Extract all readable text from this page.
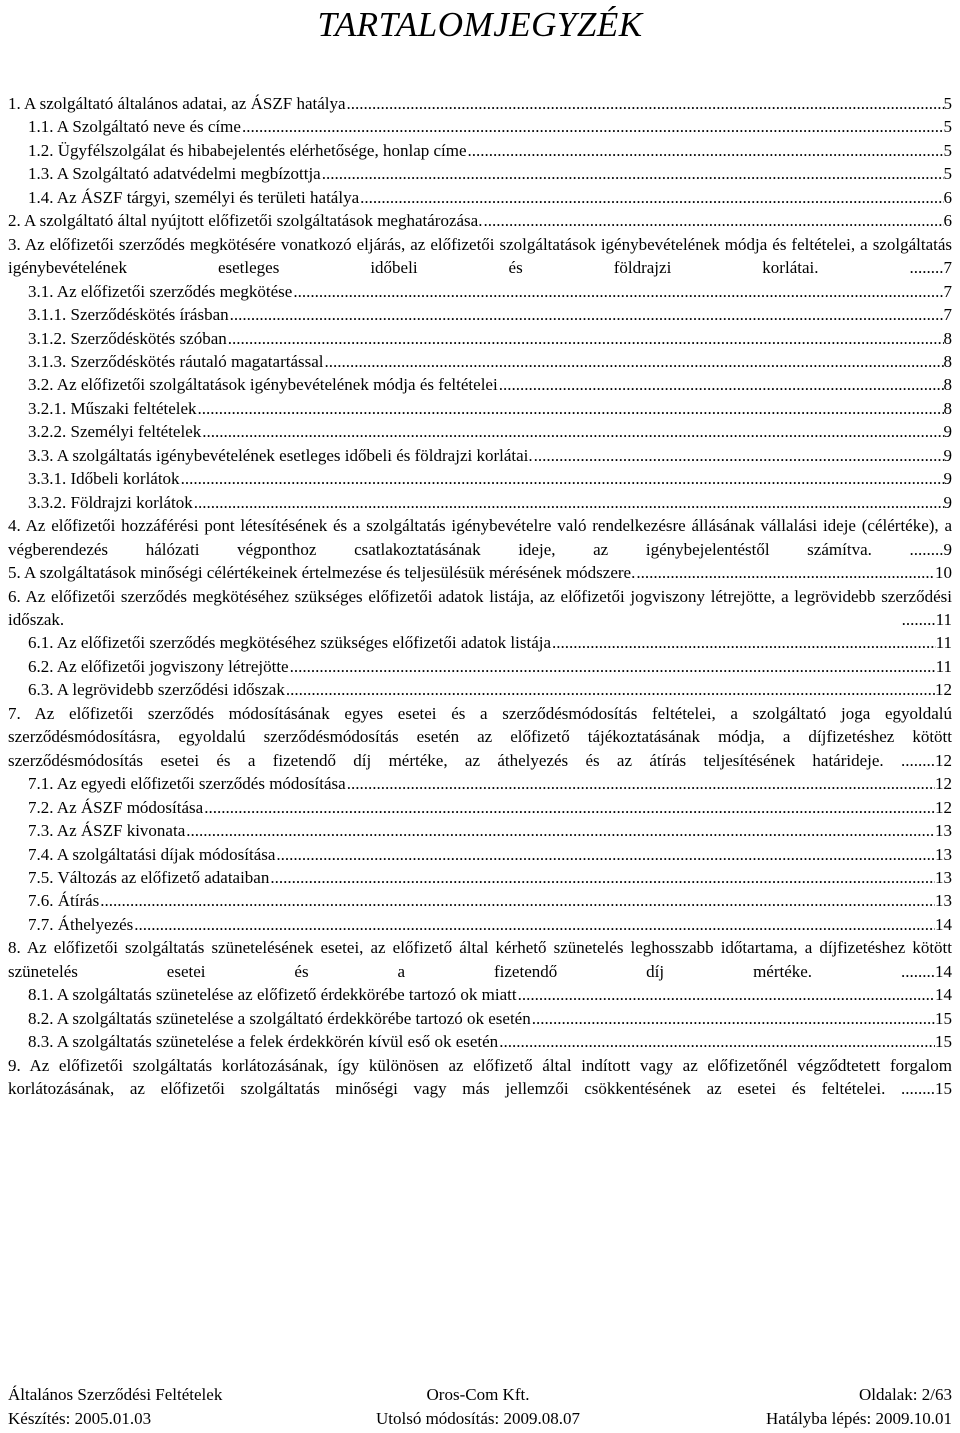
TARTALOMJEGYZÉK
1. A szolgáltató általános adatai, az ÁSZF hatálya .....	5
1.1. A Szolgáltató neve és címe .....	5
1.2. Ügyfélszolgálat és hibabejelentés elérhetősége, honlap címe .....	5
1.3. A Szolgáltató adatvédelmi megbízottja .....	5
1.4. Az ÁSZF tárgyi, személyi és területi hatálya .....	6
2. A szolgáltató által nyújtott előfizetői szolgáltatások meghatározása. .....	6
3. Az előfizetői szerződés megkötésére vonatkozó eljárás, az előfizetői szolgáltatások igénybevételének módja és feltételei, a szolgáltatás igénybevételének esetleges időbeli és földrajzi korlátai. ........7
3.1. Az előfizetői szerződés megkötése .....	7
3.1.1. Szerződéskötés írásban .....	7
3.1.2. Szerződéskötés szóban .....	8
3.1.3. Szerződéskötés ráutaló magatartással .....	8
3.2. Az előfizetői szolgáltatások igénybevételének módja és feltételei .....	8
3.2.1. Műszaki feltételek .....	8
3.2.2. Személyi feltételek .....	9
3.3. A szolgáltatás igénybevételének esetleges időbeli és földrajzi korlátai. .....	9
3.3.1. Időbeli korlátok .....	9
3.3.2. Földrajzi korlátok .....	9
4. Az előfizetői hozzáférési pont létesítésének és a szolgáltatás igénybevételre való rendelkezésre állásának vállalási ideje (célértéke), a végberendezés hálózati végponthoz csatlakoztatásának ideje, az igénybejelentéstől számítva. ........9
5. A szolgáltatások minőségi célértékeinek értelmezése és teljesülésük mérésének módszere. .....	10
6. Az előfizetői szerződés megkötéséhez szükséges előfizetői adatok listája, az előfizetői jogviszony létrejötte, a legrövidebb szerződési időszak. ........11
6.1. Az előfizetői szerződés megkötéséhez szükséges előfizetői adatok listája .....	11
6.2. Az előfizetői jogviszony létrejötte .....	11
6.3. A legrövidebb szerződési időszak .....	12
7. Az előfizetői szerződés módosításának egyes esetei és a szerződésmódosítás feltételei, a szolgáltató joga egyoldalú szerződésmódosításra, egyoldalú szerződésmódosítás esetén az előfizető tájékoztatásának módja, a díjfizetéshez kötött szerződésmódosítás esetei és a fizetendő díj mértéke, az áthelyezés és az átírás teljesítésének határideje. ........12
7.1. Az egyedi előfizetői szerződés módosítása .....	12
7.2. Az ÁSZF módosítása .....	12
7.3. Az ÁSZF kivonata .....	13
7.4. A szolgáltatási díjak módosítása .....	13
7.5. Változás az előfizető adataiban .....	13
7.6. Átírás .....	13
7.7. Áthelyezés .....	14
8. Az előfizetői szolgáltatás szünetelésének esetei, az előfizető által kérhető szünetelés leghosszabb időtartama, a díjfizetéshez kötött szünetelés esetei és a fizetendő díj mértéke. ........14
8.1. A szolgáltatás szünetelése az előfizető érdekkörébe tartozó ok miatt .....	14
8.2. A szolgáltatás szünetelése a szolgáltató érdekkörébe tartozó ok esetén .....	15
8.3. A szolgáltatás szünetelése a felek érdekkörén kívül eső ok esetén .....	15
9. Az előfizetői szolgáltatás korlátozásának, így különösen az előfizető által indított vagy az előfizetőnél végződtetett forgalom korlátozásának, az előfizetői szolgáltatás minőségi vagy más jellemzői csökkentésének az esetei és feltételei. ........15
Általános Szerződési Feltételek	Oros-Com Kft.	Oldalak: 2/63
Készítés: 2005.01.03	Utolsó módosítás: 2009.08.07	Hatályba lépés: 2009.10.01
